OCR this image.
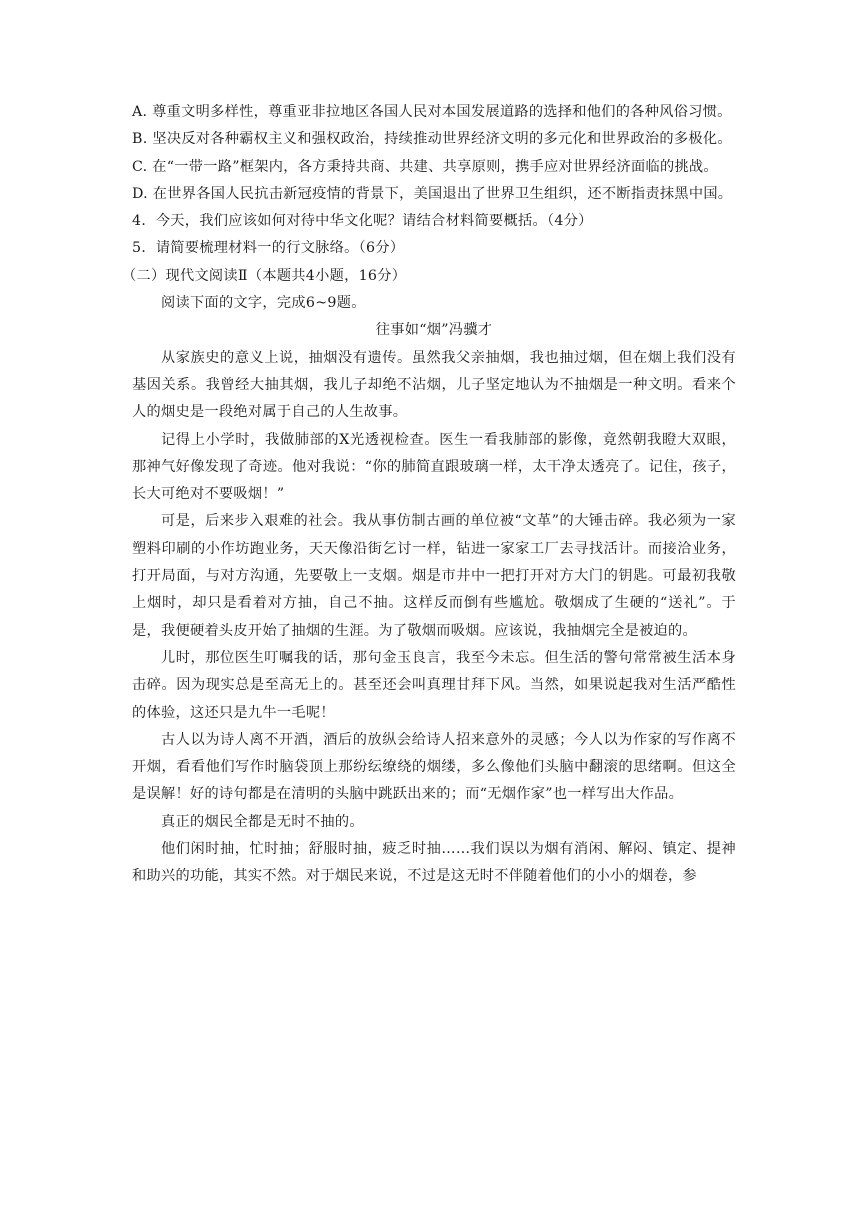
A. 尊重文明多样性，尊重亚非拉地区各国人民对本国发展道路的选择和他们的各种风俗习惯。

B. 坚决反对各种霸权主义和强权政治，持续推动世界经济文明的多元化和世界政治的多极化。

C. 在“一带一路”框架内，各方秉持共商、共建、共享原则，携手应对世界经济面临的挑战。

D. 在世界各国人民抗击新冠疫情的背景下，美国退出了世界卫生组织，还不断指责抹黑中国。

4．今天，我们应该如何对待中华文化呢？请结合材料简要概括。（4分）

5．请简要梳理材料一的行文脉络。（6分）

（二）现代文阅读Ⅱ（本题共4小题，16分）

阅读下面的文字，完成6~9题。

往事如“烟”冯骥才

从家族史的意义上说，抽烟没有遗传。虽然我父亲抽烟，我也抽过烟，但在烟上我们没有基因关系。我曾经大抽其烟，我儿子却绝不沾烟，儿子坚定地认为不抽烟是一种文明。看来个人的烟史是一段绝对属于自己的人生故事。

记得上小学时，我做肺部的X光透视检查。医生一看我肺部的影像，竟然朝我瞪大双眼，那神气好像发现了奇迹。他对我说：“你的肺简直跟玻璃一样，太干净太透亮了。记住，孩子，长大可绝对不要吸烟！”

可是，后来步入艰难的社会。我从事仿制古画的单位被“文革”的大锤击碎。我必须为一家塑料印刷的小作坊跑业务，天天像沿街乞讨一样，钻进一家家工厂去寻找活计。而接洽业务，打开局面，与对方沟通，先要敬上一支烟。烟是市井中一把打开对方大门的钥匙。可最初我敬上烟时，却只是看着对方抽，自己不抽。这样反而倒有些尴尬。敬烟成了生硬的“送礼”。于是，我便硬着头皮开始了抽烟的生涯。为了敬烟而吸烟。应该说，我抽烟完全是被迫的。

儿时，那位医生叮嘱我的话，那句金玉良言，我至今未忘。但生活的警句常常被生活本身击碎。因为现实总是至高无上的。甚至还会叫真理甘拜下风。当然，如果说起我对生活严酷性的体验，这还只是九牛一毛呢！

古人以为诗人离不开酒，酒后的放纵会给诗人招来意外的灵感；今人以为作家的写作离不开烟，看看他们写作时脑袋顶上那纷纭缭绕的烟缕，多么像他们头脑中翻滚的思绪啊。但这全是误解！好的诗句都是在清明的头脑中跳跃出来的；而“无烟作家”也一样写出大作品。

真正的烟民全都是无时不抽的。

他们闲时抽，忙时抽；舒服时抽，疲乏时抽……我们误以为烟有消闲、解闷、镇定、提神和助兴的功能，其实不然。对于烟民来说，不过是这无时不伴随着他们的小小的烟卷，参
